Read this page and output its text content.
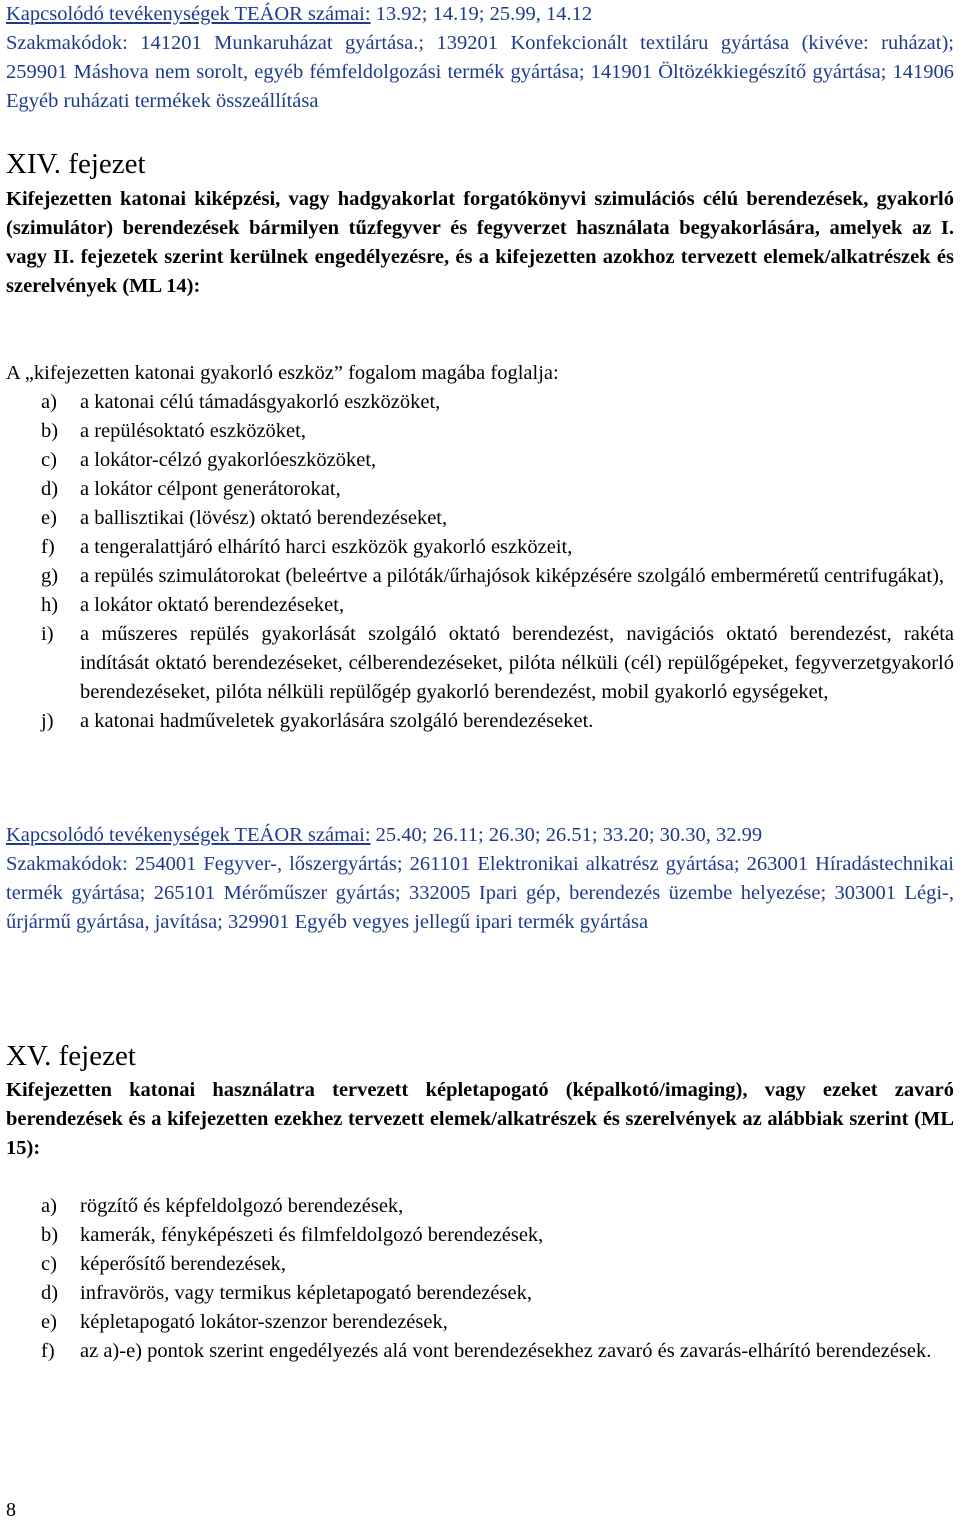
Kapcsolódó tevékenységek TEÁOR számai: 13.92; 14.19; 25.99, 14.12
Szakmakódok: 141201 Munkaruházat gyártása.; 139201 Konfekcionált textiláru gyártása (kivéve: ruházat); 259901 Máshova nem sorolt, egyéb fémfeldolgozási termék gyártása; 141901 Öltözékkiegészítő gyártása; 141906 Egyéb ruházati termékek összeállítása
XIV. fejezet
Kifejezetten katonai kiképzési, vagy hadgyakorlat forgatókönyvi szimulációs célú berendezések, gyakorló (szimulátor) berendezések bármilyen tűzfegyver és fegyverzet használata begyakorlására, amelyek az I. vagy II. fejezetek szerint kerülnek engedélyezésre, és a kifejezetten azokhoz tervezett elemek/alkatrészek és szerelvények (ML 14):
A „kifejezetten katonai gyakorló eszköz” fogalom magába foglalja:
a) a katonai célú támadásgyakorló eszközöket,
b) a repülésoktató eszközöket,
c) a lokátor-célzó gyakorlóeszközöket,
d) a lokátor célpont generátorokat,
e) a ballisztikai (lövész) oktató berendezéseket,
f) a tengeralattjáró elhárító harci eszközök gyakorló eszközeit,
g) a repülés szimulátorokat (beleértve a pilóták/űrhajósok kiképzésére szolgáló emberméretű centrifugákat),
h) a lokátor oktató berendezéseket,
i) a műszeres repülés gyakorlását szolgáló oktató berendezést, navigációs oktató berendezést, rakéta indítását oktató berendezéseket, célberendezéseket, pilóta nélküli (cél) repülőgépeket, fegyverzetgyakorló berendezéseket, pilóta nélküli repülőgép gyakorló berendezést, mobil gyakorló egységeket,
j) a katonai hadműveletek gyakorlására szolgáló berendezéseket.
Kapcsolódó tevékenységek TEÁOR számai: 25.40; 26.11; 26.30; 26.51; 33.20; 30.30, 32.99
Szakmakódok: 254001 Fegyver-, lőszergyártás; 261101 Elektronikai alkatrész gyártása; 263001 Híradástechnikai termék gyártása; 265101 Mérőműszer gyártás; 332005 Ipari gép, berendezés üzembe helyezése; 303001 Légi-, űrjármű gyártása, javítása; 329901 Egyéb vegyes jellegű ipari termék gyártása
XV. fejezet
Kifejezetten katonai használatra tervezett képletapogató (képalkotó/imaging), vagy ezeket zavaró berendezések és a kifejezetten ezekhez tervezett elemek/alkatrészek és szerelvények az alábbiak szerint (ML 15):
a) rögzítő és képfeldolgozó berendezések,
b) kamerák, fényképészeti és filmfeldolgozó berendezések,
c) képerősítő berendezések,
d) infravörös, vagy termikus képletapogató berendezések,
e) képletapogató lokátor-szenzor berendezések,
f) az a)-e) pontok szerint engedélyezés alá vont berendezésekhez zavaró és zavarás-elhárító berendezések.
8
